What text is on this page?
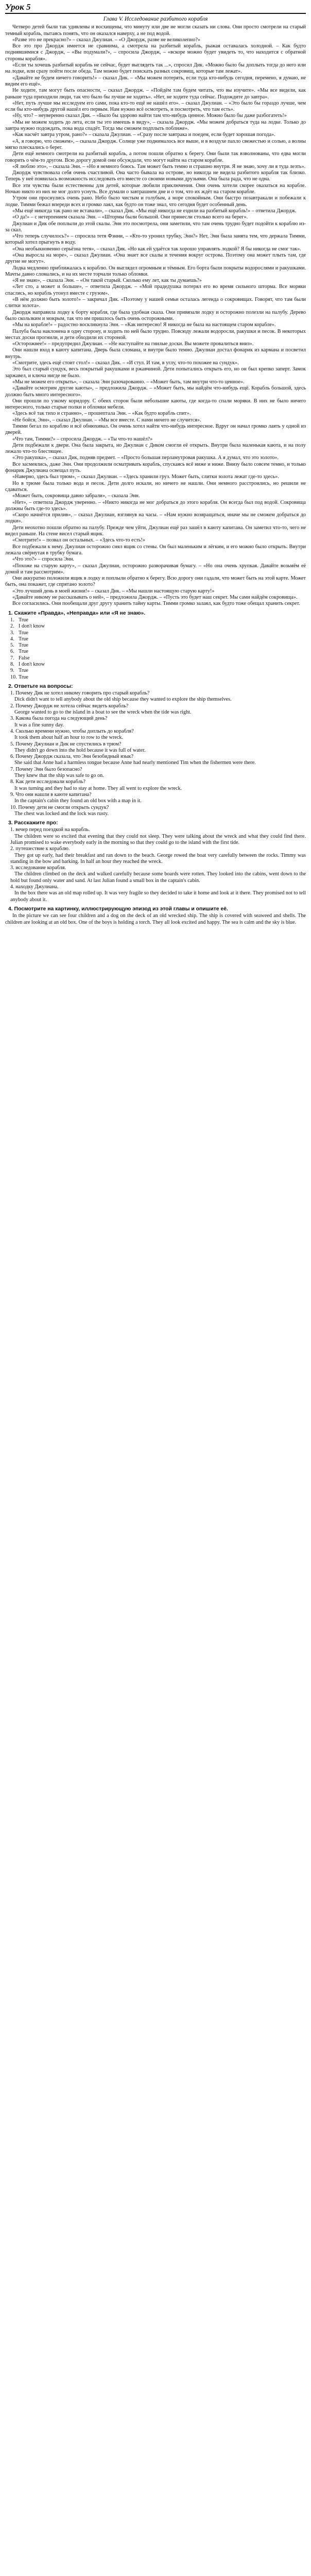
Урок 5
Глава V. Исследование разбитого корабля

Четверо детей были так удивлены и восхищены, что минуту или две не могли сказать ни слова. Они просто смотрели на старый темный корабль, пытаясь понять, что он оказался наверху, а не под водой.

«Разве это не прекрасно?» – сказал Джулиан. – «О Джордж, разве не великолепно?»

Все это про Джордж имеется не сравнима, а смотрела на разбитый корабль, рыжая оставалась холодной. – Как будто поднявшимися с Джордж, – «Вы подумали?», – спросила Джордж, – «вскоре можно будет увидеть то, что находится с обратной стороны корабля».

«Если ты хочешь разбитый корабль не сейчас, будет выглядеть так ...», спросил Дик. «Можно было бы доплыть тогда до него или на лодке, или сразу пойти после обеда. Там можно будет поискать разных сокровищ, которые там лежат».

«Давайте не будем ничего говорить!» – сказал Дик. – «Мы можем потерять, если туда кто-нибудь сегодня, перемено, я думаю, не видим его ещё».

Не ходите, там могут быть опасности, – сказал Джордж. – «Пойдём там будем читать, что вы изучите». «Мы все видели, как раньше туда приходили люди, так что было бы лучше не ходить». «Нет, не ходите туда сейчас. Подождите до завтра».

«Нет, путь лучше мы исследуем его сами, пока кто-то ещё не нашёл его». – сказал Джулиан. – «Это было бы гораздо лучше, чем если бы кто-нибудь другой нашёл его первым. Нам нужно всё осмотреть, и посмотреть, что там есть».

«Ну, что? – неуверенно сказал Дик. – «Было бы здорово найти там что-нибудь ценное. Можно было бы даже разбогатеть!»

«Мы не можем ходить до лета, если ты это имеешь в виду», – сказала Джордж. «Мы можем добраться туда на лодке. Только до завтра нужно подождать, пока вода спадёт. Тогда мы сможем подплыть поближе».

«Как насчёт завтра утром, рано?» – сказала Джулиан. – «Сразу после завтрака и поедем, если будет хорошая погода».

«А, я говорю, что сможем», – сказала Джордж. Солнце уже поднималось все выше, и в воздухе пахло свежестью и солью, а волны мягко плескались о берег.

Дети ещё немного смотрели на разбитый корабль, а потом пошли обратно к берегу. Они были так взволнованы, что едва могли говорить о чём-то другом. Всю дорогу домой они обсуждали, что могут найти на старом корабле.

«Я люблю это», – сказала Энн. – «Но я немного боюсь. Там может быть темно и страшно внутри. Я не знаю, хочу ли я туда лезть».

Джордж чувствовала себя очень счастливой. Она часто бывала на острове, но никогда не видела разбитого корабля так близко. Теперь у неё появилась возможность исследовать его вместе со своими новыми друзьями. Она была рада, что не одна.

Все эти чувства были естественны для детей, которые любили приключения. Они очень хотели скорее оказаться на корабле. Ночью никто из них не мог долго уснуть. Все думали о завтрашнем дне и о том, что их ждёт на старом корабле.

Утром они проснулись очень рано. Небо было чистым и голубым, а море спокойным. Они быстро позавтракали и побежали к лодке. Тимми бежал впереди всех и громко лаял, как будто он тоже знал, что сегодня будет особенный день.

«Мы ещё никогда так рано не вставали», – сказал Дик. «Мы ещё никогда не ездили на разбитый корабль!» – ответила Джордж.

«О да!» – с нетерпением сказала Энн. – «Штормы были большой. Они принесли столько всего на берег».

Джулиан и Дик обе поплыли до этой скалы. Энн это посмотрела, они заметили, что там очень трудно будет подойти к кораблю из-за скал.

«Что теперь случилось?» – спросила тетя Фэнни, – «Кто-то уронил трубку, Энн?» Нет, Энн была занята тем, что держала Тимми, который хотел прыгнуть в воду.

«Она необыкновенно серьёзна тетя», – сказал Дик. «Но как ей удаётся так хорошо управлять лодкой? Я бы никогда не смог так».

«Она выросла на море», – сказал Джулиан. «Она знает все скалы и течения вокруг острова. Поэтому она может плыть там, где другие не могут».

Лодка медленно приближалась к кораблю. Он выглядел огромным и тёмным. Его борта были покрыты водорослями и ракушками. Мачты давно сломались, и на их месте торчали только обломки.

«Я не знаю», – сказала Энн. – «Он такой старый. Сколько ему лет, как ты думаешь?»

«Лет сто, а может и больше», – ответила Джордж. – «Мой прадедушка потерял его во время сильного шторма. Все моряки спаслись, но корабль утонул вместе с грузом».

«В нём должно быть золото!» – закричал Дик. «Поэтому у нашей семьи осталась легенда о сокровищах. Говорят, что там были слитки золота».

Джордж направила лодку к борту корабля, где была удобная скала. Они привязали лодку и осторожно полезли на палубу. Дерево было скользким и мокрым, так что им пришлось быть очень осторожными.

«Мы на корабле!» – радостно воскликнула Энн. – «Как интересно! Я никогда не была на настоящем старом корабле».

Палуба была наклонена в одну сторону, и ходить по ней было трудно. Повсюду лежали водоросли, ракушки и песок. В некоторых местах доски прогнили, и дети обходили их стороной.

«Осторожнее!» – предупредил Джулиан. – «Не наступайте на гнилые доски. Вы можете провалиться вниз».

Они нашли вход в каюту капитана. Дверь была сломана, и внутри было темно. Джулиан достал фонарик из кармана и посветил внутрь.

«Смотрите, здесь ещё стоит стол!» – сказал Дик. – «И стул. И там, в углу, что-то похожее на сундук».

Это был старый сундук, весь покрытый ракушками и ржавчиной. Дети попытались открыть его, но он был крепко заперт. Замок заржавел, и ключа нигде не было.

«Мы не можем его открыть», – сказала Энн разочарованно. – «Может быть, там внутри что-то ценное».

«Давайте осмотрим другие каюты», – предложила Джордж. – «Может быть, мы найдём что-нибудь ещё. Корабль большой, здесь должно быть много интересного».

Они прошли по узкому коридору. С обеих сторон были небольшие каюты, где когда-то спали моряки. В них не было ничего интересного, только старые полки и обломки мебели.

«Здесь всё так тихо и странно», – прошептала Энн. – «Как будто корабль спит».

«Не бойся, Энн», – сказал Джулиан. – «Мы все вместе. С нами ничего не случится».

Тимми бегал по кораблю и всё обнюхивал. Он очень хотел найти что-нибудь интересное. Вдруг он начал громко лаять у одной из дверей.

«Что там, Тимми?» – спросила Джордж. – «Ты что-то нашёл?»

Дети подбежали к двери. Она была закрыта, но Джулиан с Диком смогли её открыть. Внутри была маленькая каюта, и на полу лежало что-то блестящее.

«Это ракушка», – сказал Дик, подняв предмет. – «Просто большая перламутровая ракушка. А я думал, что это золото».

Все засмеялись, даже Энн. Они продолжили осматривать корабль, спускаясь всё ниже и ниже. Внизу было совсем темно, и только фонарик Джулиана освещал путь.

«Наверно, здесь был трюм», – сказал Джулиан. – «Здесь хранили груз. Может быть, слитки золота лежат где-то здесь».

Но в трюме была только вода и песок. Дети долго искали, но ничего не нашли. Они немного расстроились, но решили не сдаваться.

«Может быть, сокровища давно забрали», – сказала Энн.

«Нет», – ответила Джордж уверенно. – «Никто никогда не мог добраться до этого корабля. Он всегда был под водой. Сокровища должны быть где-то здесь».

«Скоро начнётся прилив», – сказал Джулиан, взглянув на часы. – «Нам нужно возвращаться, иначе мы не сможем добраться до лодки».

Дети неохотно пошли обратно на палубу. Прежде чем уйти, Джулиан ещё раз зашёл в каюту капитана. Он заметил что-то, чего не видел раньше. На стене висел старый ящик.

«Смотрите!» – позвал он остальных. – «Здесь что-то есть!»

Все подбежали к нему. Джулиан осторожно снял ящик со стены. Он был маленьким и лёгким, и его можно было открыть. Внутри лежала свёрнутая в трубку бумага.

«Что это?» – спросила Энн.

«Похоже на старую карту», – сказал Джулиан, осторожно разворачивая бумагу. – «Но она очень хрупкая. Давайте возьмём её домой и там рассмотрим».

Они аккуратно положили ящик в лодку и поплыли обратно к берегу. Всю дорогу они гадали, что может быть на этой карте. Может быть, она покажет, где спрятано золото?

«Это лучший день в моей жизни!» – сказал Дик. – «Мы нашли настоящую старую карту!»

«Давайте никому не рассказывать о ней», – предложила Джордж. – «Пусть это будет наш секрет. Мы сами найдём сокровища».

Все согласились. Они пообещали друг другу хранить тайну карты. Тимми громко залаял, как будто тоже обещал хранить секрет.

1. Скажите «Правда», «Неправда» или «Я не знаю».
1. True
2. I don't know
3. True
4. True
5. True
6. True
7. False
8. I don't know
9. True
10. True
2. Ответьте на вопросы:
1. Почему Дик не хотел никому говорить про старый корабль?
Dick didn't want to tell anybody about the old ship because they wanted to explore the ship themselves.
2. Почему Джордж не хотела сейчас видеть корабль?
George wanted to go to the island in a boat to see the wreck when the tide was right.
3. Какова была погода на следующий день?
It was a fine sunny day.
4. Сколько времени нужно, чтобы доплыть до корабля?
It took them about half an hour to row to the wreck.
5. Почему Джулиан и Дик не спустились в трюм?
They didn't go down into the hold because it was full of water.
6. Почему Джордж сказала, что Энн безобидный язык?
She said that Anne had a harmless tongue because Anne had nearly mentioned Tim when the fishermen were there.
7. Почему Энн было безопасно?
They knew that the ship was safe to go on.
8. Как дети исследовали корабль?
It was turning and they had to stay at home. They all went to explore the wreck.
9. Что они нашли в каюте капитана?
In the captain's cabin they found an old box with a map in it.
10. Почему дети не смогли открыть сундук?
The chest was locked and the lock was rusty.
3. Расскажите про:
1. вечер перед поездкой на корабль.
The children were so excited that evening that they could not sleep. They were talking about the wreck and what they could find there. Julian promised to wake everybody early in the morning so that they could go to the island with the first tide.
2. путешествие к кораблю.
They got up early, had their breakfast and ran down to the beach. George rowed the boat very carefully between the rocks. Timmy was standing in the bow and barking. In half an hour they reached the wreck.
3. исследование корабля.
The children climbed on the deck and walked carefully because some boards were rotten. They looked into the cabins, went down to the hold but found only water and sand. At last Julian found a small box in the captain's cabin.
4. находку Джулиана.
In the box there was an old map rolled up. It was very fragile so they decided to take it home and look at it there. They promised not to tell anybody about it.
4. Посмотрите на картинку, иллюстрирующую эпизод из этой главы и опишите её.

In the picture we can see four children and a dog on the deck of an old wrecked ship. The ship is covered with seaweed and shells. The children are looking at an old box. One of the boys is holding a torch. They all look excited and happy. The sea is calm and the sky is blue.
